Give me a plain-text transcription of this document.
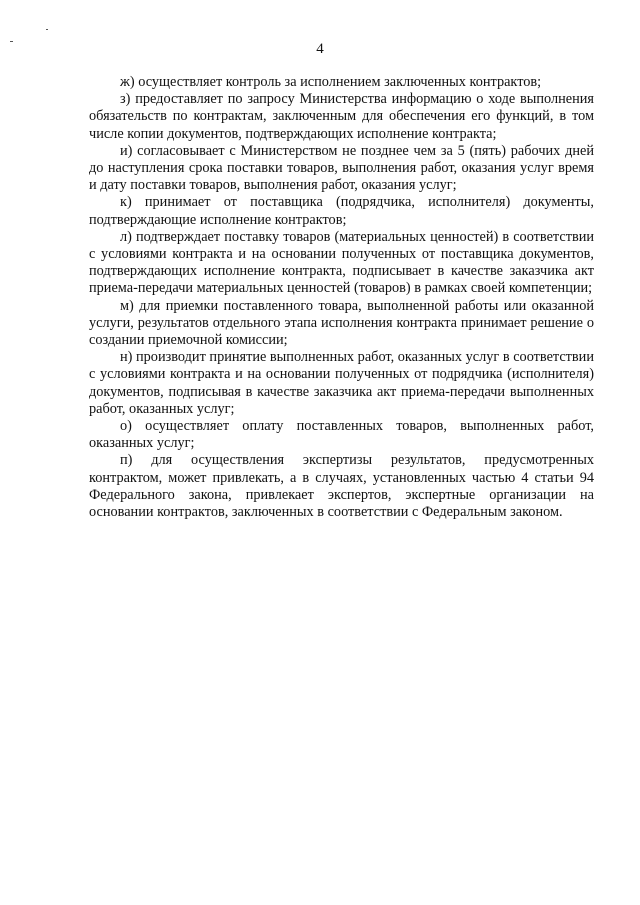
4

ж) осуществляет контроль за исполнением заключенных контрактов;

з) предоставляет по запросу Министерства информацию о ходе выполнения обязательств по контрактам, заключенным для обеспечения его функций, в том числе копии документов, подтверждающих исполнение контракта;

и) согласовывает с Министерством не позднее чем за 5 (пять) рабочих дней до наступления срока поставки товаров, выполнения работ, оказания услуг время и дату поставки товаров, выполнения работ, оказания услуг;

к) принимает от поставщика (подрядчика, исполнителя) документы, подтверждающие исполнение контрактов;

л) подтверждает поставку товаров (материальных ценностей) в соответствии с условиями контракта и на основании полученных от поставщика документов, подтверждающих исполнение контракта, подписывает в качестве заказчика акт приема-передачи материальных ценностей (товаров) в рамках своей компетенции;

м) для приемки поставленного товара, выполненной работы или оказанной услуги, результатов отдельного этапа исполнения контракта принимает решение о создании приемочной комиссии;

н) производит принятие выполненных работ, оказанных услуг в соответствии с условиями контракта и на основании полученных от подрядчика (исполнителя) документов, подписывая в качестве заказчика акт приема-передачи выполненных работ, оказанных услуг;

о) осуществляет оплату поставленных товаров, выполненных работ, оказанных услуг;

п) для осуществления экспертизы результатов, предусмотренных контрактом, может привлекать, а в случаях, установленных частью 4 статьи 94 Федерального закона, привлекает экспертов, экспертные организации на основании контрактов, заключенных в соответствии с Федеральным законом.
